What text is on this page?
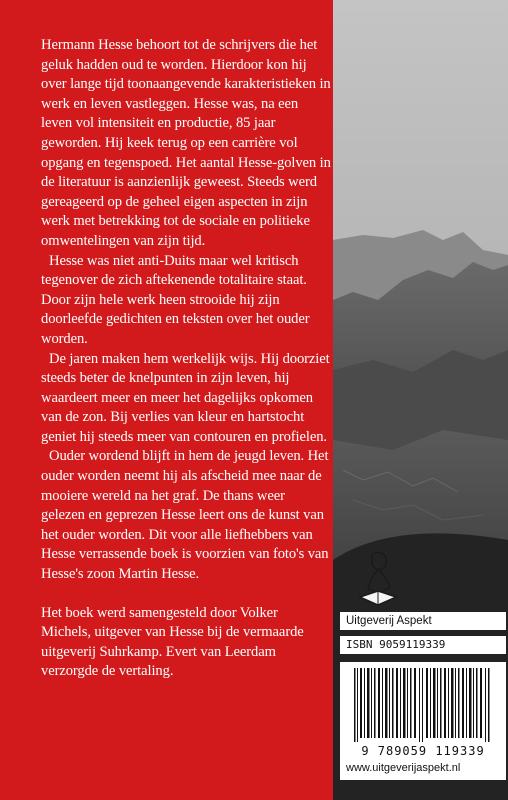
Hermann Hesse behoort tot de schrijvers die het geluk hadden oud te worden. Hierdoor kon hij over lange tijd toonaangevende karakteristieken in werk en leven vastleggen. Hesse was, na een leven vol intensiteit en productie, 85 jaar geworden. Hij keek terug op een carrière vol opgang en tegenspoed. Het aantal Hesse-golven in de literatuur is aanzienlijk geweest. Steeds werd gereageerd op de geheel eigen aspecten in zijn werk met betrekking tot de sociale en politieke omwentelingen van zijn tijd.

Hesse was niet anti-Duits maar wel kritisch tegenover de zich aftekenende totalitaire staat. Door zijn hele werk heen strooide hij zijn doorleefde gedichten en teksten over het ouder worden.

De jaren maken hem werkelijk wijs. Hij doorziet steeds beter de knelpunten in zijn leven, hij waardeert meer en meer het dagelijks opkomen van de zon. Bij verlies van kleur en hartstocht geniet hij steeds meer van contouren en profielen.

Ouder wordend blijft in hem de jeugd leven. Het ouder worden neemt hij als afscheid mee naar de mooiere wereld na het graf. De thans weer gelezen en geprezen Hesse leert ons de kunst van het ouder worden. Dit voor alle liefhebbers van Hesse verrassende boek is voorzien van foto's van Hesse's zoon Martin Hesse.

Het boek werd samengesteld door Volker Michels, uitgever van Hesse bij de vermaarde uitgeverij Suhrkamp. Evert van Leerdam verzorgde de vertaling.

Uitgeverij Aspekt
ISBN 9059119339
9 789059 119339
www.uitgeverijaspekt.nl
